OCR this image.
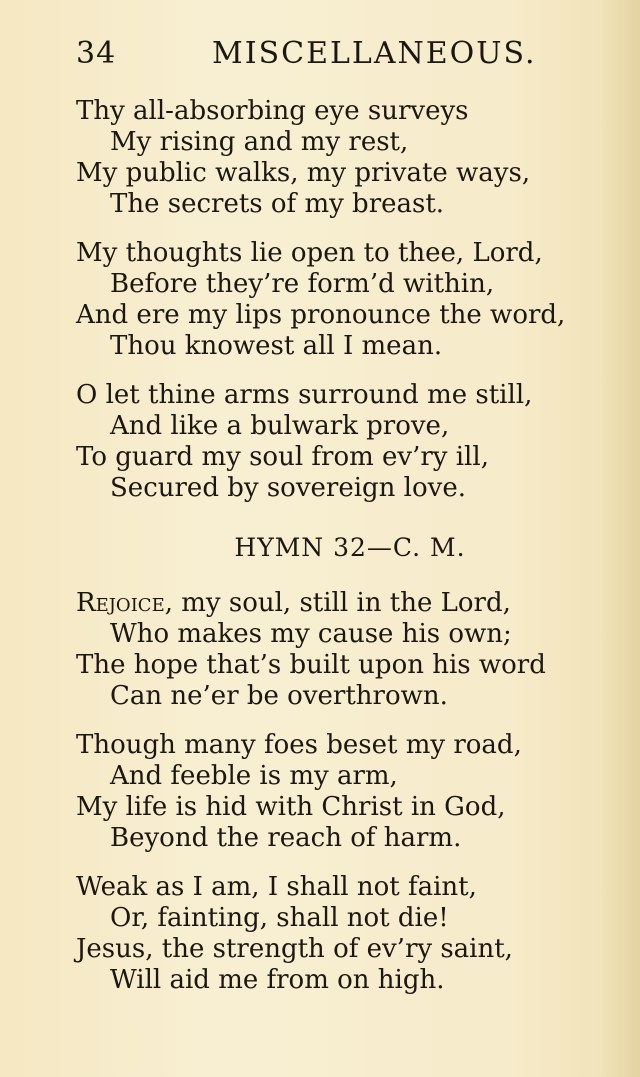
34	MISCELLANEOUS.
Thy all-absorbing eye surveys
My rising and my rest,
My public walks, my private ways,
The secrets of my breast.
My thoughts lie open to thee, Lord,
Before they’re form’d within,
And ere my lips pronounce the word,
Thou knowest all I mean.
O let thine arms surround me still,
And like a bulwark prove,
To guard my soul from ev’ry ill,
Secured by sovereign love.
HYMN 32—C. M.
Rejoice, my soul, still in the Lord,
Who makes my cause his own;
The hope that’s built upon his word
Can ne’er be overthrown.
Though many foes beset my road,
And feeble is my arm,
My life is hid with Christ in God,
Beyond the reach of harm.
Weak as I am, I shall not faint,
Or, fainting, shall not die!
Jesus, the strength of ev’ry saint,
Will aid me from on high.
